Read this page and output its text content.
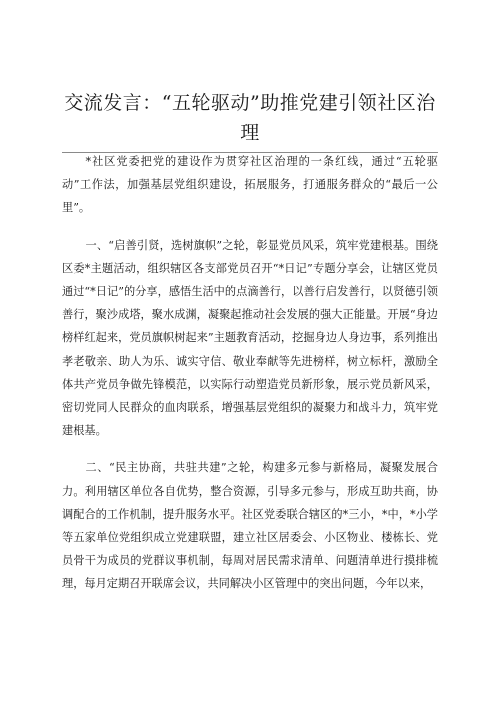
交流发言：“五轮驱动”助推党建引领社区治
理

*社区党委把党的建设作为贯穿社区治理的一条红线，通过“五轮驱动”工作法，加强基层党组织建设，拓展服务，打通服务群众的“最后一公里”。

一、“启善引贤，选树旗帜”之轮，彰显党员风采，筑牢党建根基。围绕区委*主题活动，组织辖区各支部党员召开“*日记”专题分享会，让辖区党员通过“*日记”的分享，感悟生活中的点滴善行，以善行启发善行，以贤德引领善行，聚沙成塔，聚水成渊，凝聚起推动社会发展的强大正能量。开展“身边榜样红起来，党员旗帜树起来”主题教育活动，挖掘身边人身边事，系列推出孝老敬亲、助人为乐、诚实守信、敬业奉献等先进榜样，树立标杆，激励全体共产党员争做先锋模范，以实际行动塑造党员新形象，展示党员新风采，密切党同人民群众的血肉联系，增强基层党组织的凝聚力和战斗力，筑牢党建根基。

二、“民主协商，共驻共建”之轮，构建多元参与新格局，凝聚发展合力。利用辖区单位各自优势，整合资源，引导多元参与，形成互助共商，协调配合的工作机制，提升服务水平。社区党委联合辖区的*三小，*中，*小学等五家单位党组织成立党建联盟，建立社区居委会、小区物业、楼栋长、党员骨干为成员的党群议事机制，每周对居民需求清单、问题清单进行摸排梳理，每月定期召开联席会议，共同解决小区管理中的突出问题，今年以来，
